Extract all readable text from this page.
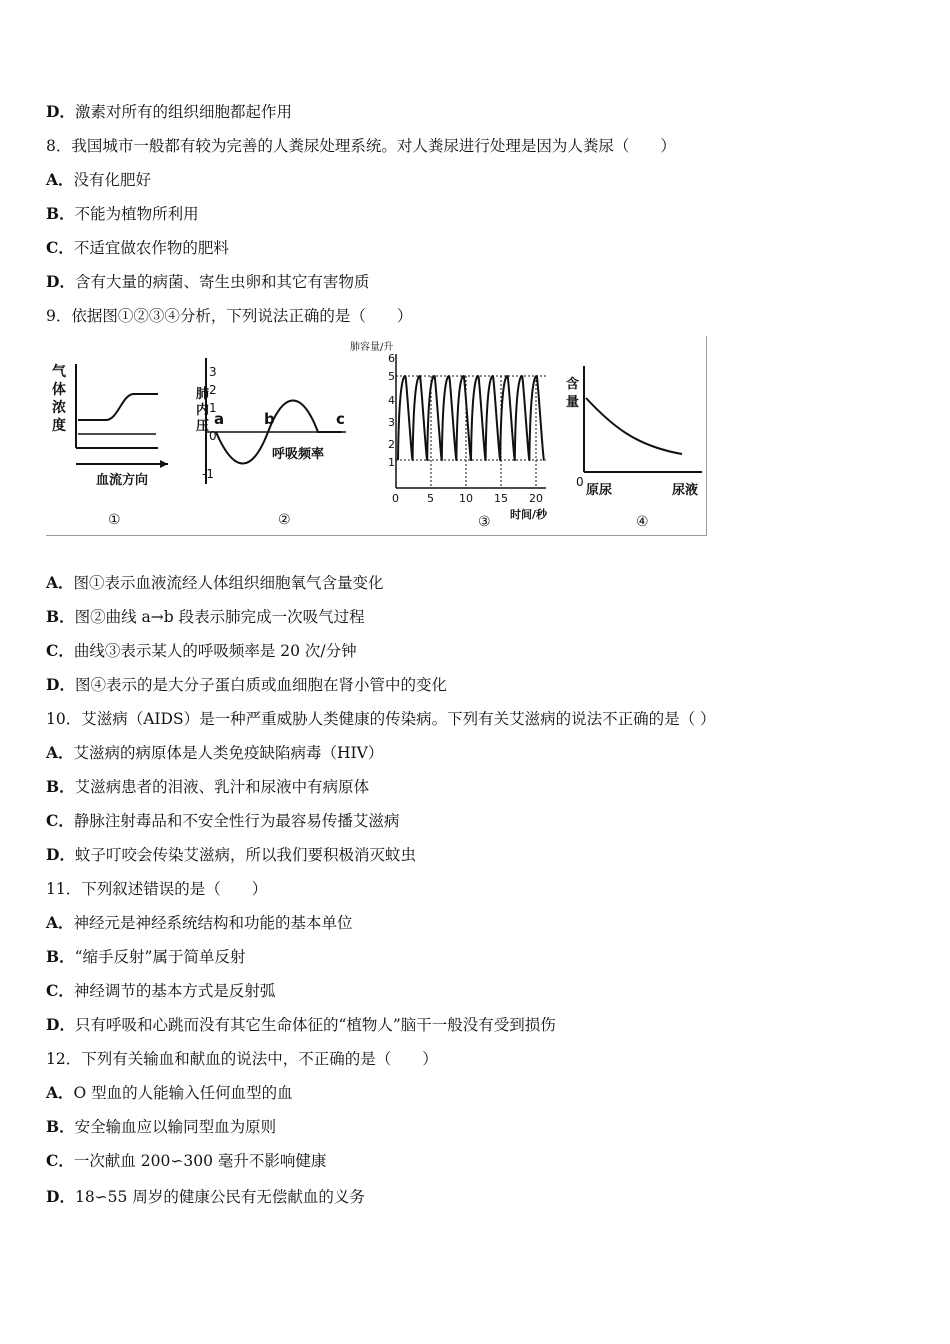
D．激素对所有的组织细胞都起作用
8．我国城市一般都有较为完善的人粪尿处理系统。对人粪尿进行处理是因为人粪尿（　　）
A．没有化肥好
B．不能为植物所利用
C．不适宜做农作物的肥料
D．含有大量的病菌、寄生虫卵和其它有害物质
9．依据图①②③④分析，下列说法正确的是（　　）
A．图①表示血液流经人体组织细胞氧气含量变化
B．图②曲线 a→b 段表示肺完成一次吸气过程
C．曲线③表示某人的呼吸频率是 20 次/分钟
D．图④表示的是大分子蛋白质或血细胞在肾小管中的变化
10．艾滋病（AIDS）是一种严重威胁人类健康的传染病。下列有关艾滋病的说法不正确的是（ ）
A．艾滋病的病原体是人类免疫缺陷病毒（HIV）
B．艾滋病患者的泪液、乳汁和尿液中有病原体
C．静脉注射毒品和不安全性行为最容易传播艾滋病
D．蚊子叮咬会传染艾滋病，所以我们要积极消灭蚊虫
11．下列叙述错误的是（　　）
A．神经元是神经系统结构和功能的基本单位
B．“缩手反射”属于简单反射
C．神经调节的基本方式是反射弧
D．只有呼吸和心跳而没有其它生命体征的“植物人”脑干一般没有受到损伤
12．下列有关输血和献血的说法中，不正确的是（　　）
A．O 型血的人能输入任何血型的血
B．安全输血应以输同型血为原则
C．一次献血 200∽300 毫升不影响健康
D．18∽55 周岁的健康公民有无偿献血的义务
气
体
浓
度
血流方向
①
肺
内
压
3
2
1
0
-1
a	b	c
呼吸频率
②
肺容量/升
6
5
4
3
2
1
0	5 10 15 20
时间/秒
③
含
量
0
原尿	尿液
④
